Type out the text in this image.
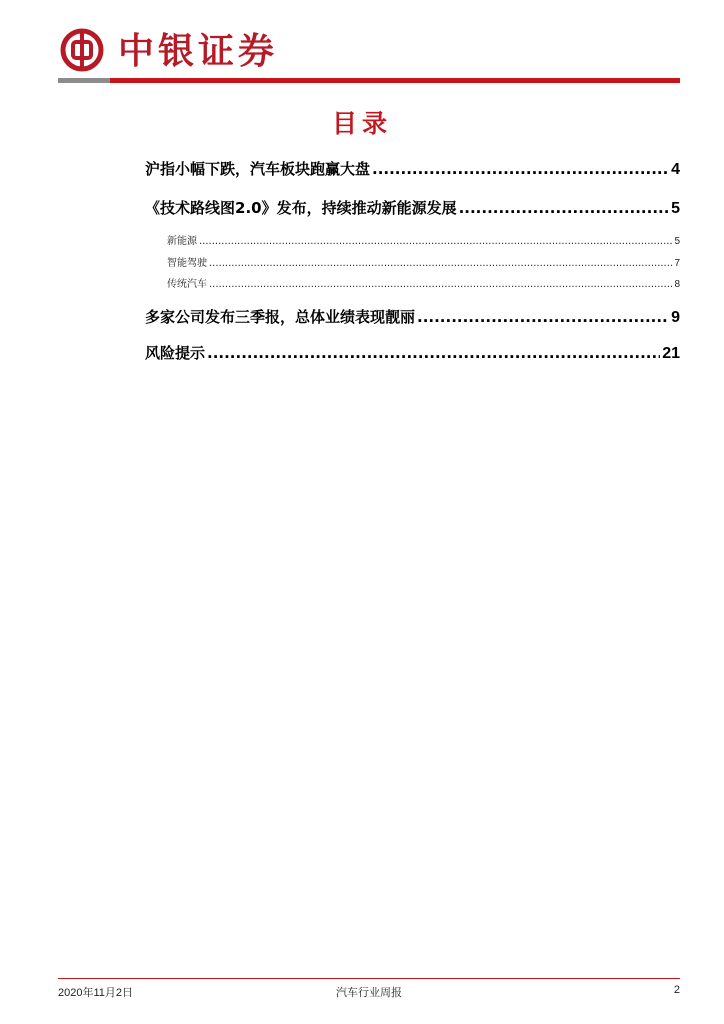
中银证券
目录
沪指小幅下跌，汽车板块跑赢大盘 .....	4
《技术路线图2.0》发布，持续推动新能源发展 .....	5
新能源 .....	5
智能驾驶 .....	7
传统汽车 .....	8
多家公司发布三季报，总体业绩表现靓丽 .....	9
风险提示 .....	21
2020年11月2日	汽车行业周报	2
